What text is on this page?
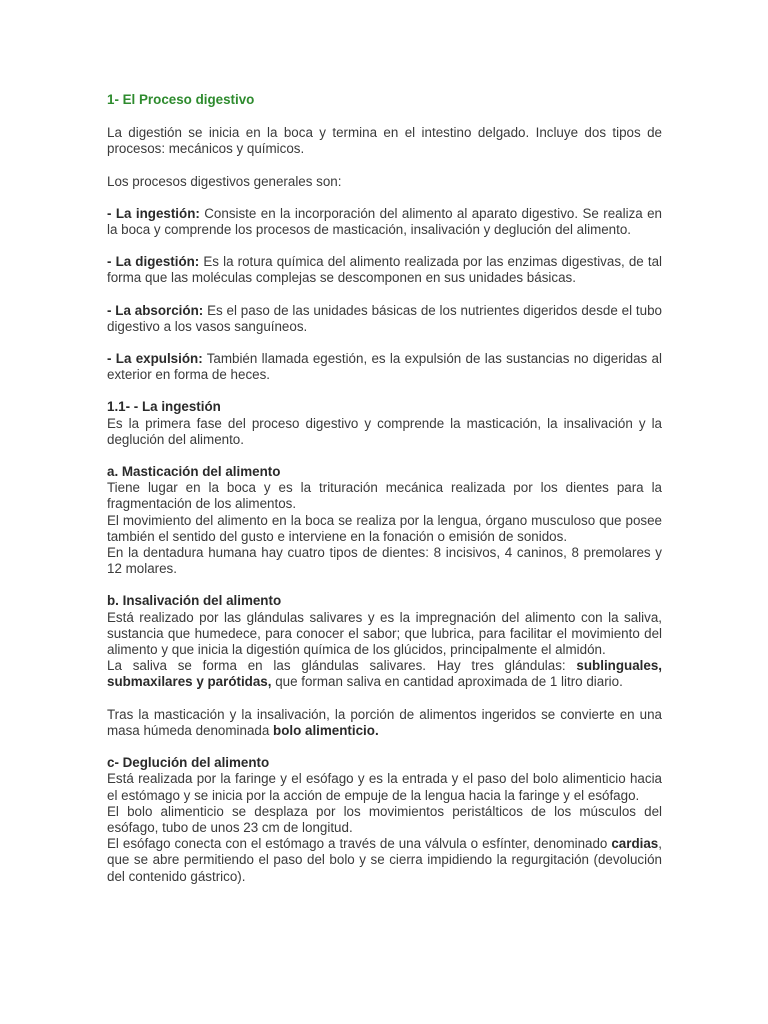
1- El Proceso digestivo

La digestión se inicia en la boca y termina en el intestino delgado. Incluye dos tipos de procesos: mecánicos y químicos.

Los procesos digestivos generales son:

- La ingestión: Consiste en la incorporación del alimento al aparato digestivo. Se realiza en la boca y comprende los procesos de masticación, insalivación y deglución del alimento.

- La digestión: Es la rotura química del alimento realizada por las enzimas digestivas, de tal forma que las moléculas complejas se descomponen en sus unidades básicas.

- La absorción: Es el paso de las unidades básicas de los nutrientes digeridos desde el tubo digestivo a los vasos sanguíneos.

- La expulsión: También llamada egestión, es la expulsión de las sustancias no digeridas al exterior en forma de heces.

1.1- - La ingestión

Es la primera fase del proceso digestivo y comprende la masticación, la insalivación y la deglución del alimento.

a. Masticación del alimento

Tiene lugar en la boca y es la trituración mecánica realizada por los dientes para la fragmentación de los alimentos.

El movimiento del alimento en la boca se realiza por la lengua, órgano musculoso que posee también el sentido del gusto e interviene en la fonación o emisión de sonidos.

En la dentadura humana hay cuatro tipos de dientes: 8 incisivos, 4 caninos, 8 premolares y 12 molares.

b. Insalivación del alimento

Está realizado por las glándulas salivares y es la impregnación del alimento con la saliva, sustancia que humedece, para conocer el sabor; que lubrica, para facilitar el movimiento del alimento y que inicia la digestión química de los glúcidos, principalmente el almidón.

La saliva se forma en las glándulas salivares. Hay tres glándulas: sublinguales, submaxilares y parótidas, que forman saliva en cantidad aproximada de 1 litro diario.

Tras la masticación y la insalivación, la porción de alimentos ingeridos se convierte en una masa húmeda denominada bolo alimenticio.

c- Deglución del alimento

Está realizada por la faringe y el esófago y es la entrada y el paso del bolo alimenticio hacia el estómago y se inicia por la acción de empuje de la lengua hacia la faringe y el esófago.

El bolo alimenticio se desplaza por los movimientos peristálticos de los músculos del esófago, tubo de unos 23 cm de longitud.

El esófago conecta con el estómago a través de una válvula o esfínter, denominado cardias, que se abre permitiendo el paso del bolo y se cierra impidiendo la regurgitación (devolución del contenido gástrico).
